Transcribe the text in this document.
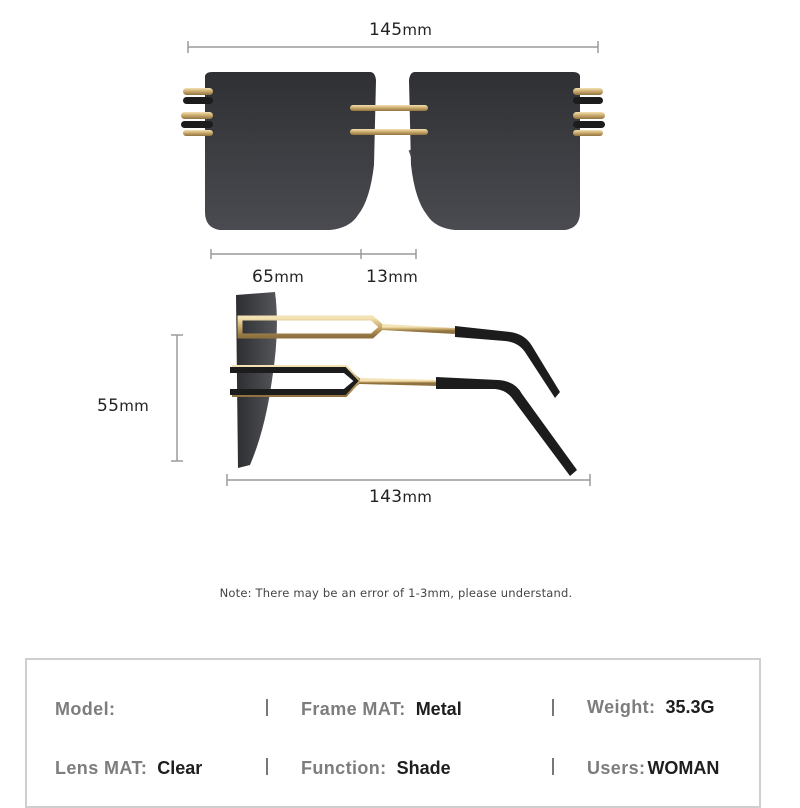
145mm
65mm	13mm
55mm
143mm
Note: There may be an error of 1-3mm, please understand.
Model:	Frame MAT: Metal	Weight: 35.3G
Lens MAT: Clear	Function: Shade	Users: WOMAN
